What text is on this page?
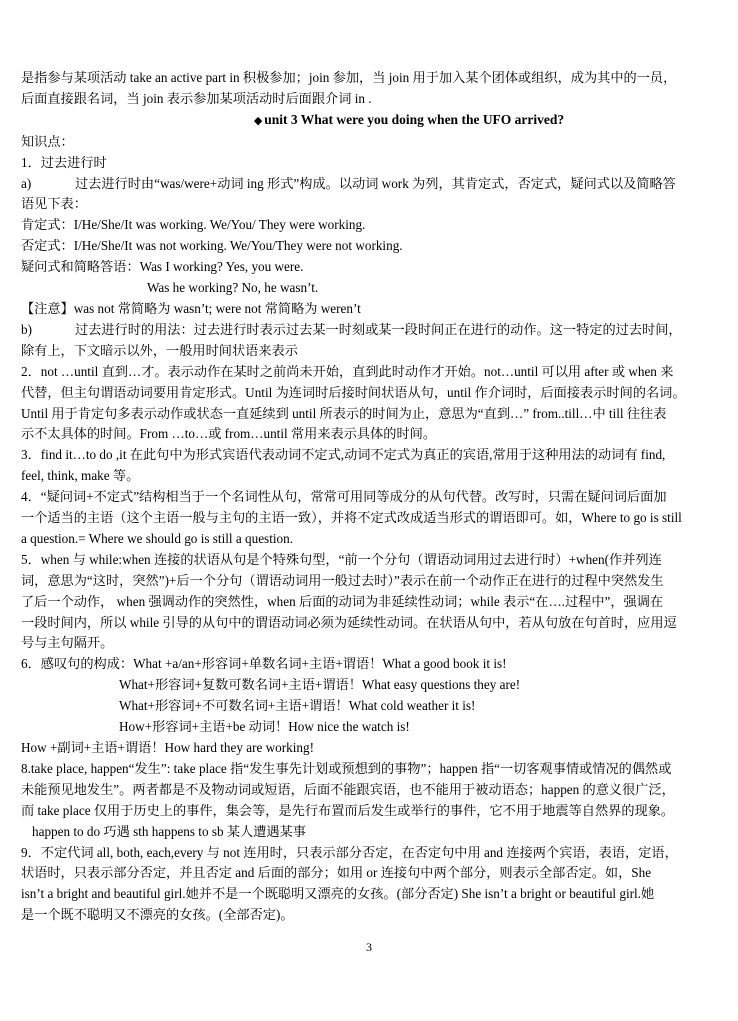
是指参与某项活动 take an active part in 积极参加；join 参加，当 join 用于加入某个团体或组织，成为其中的一员，

后面直接跟名词，当 join 表示参加某项活动时后面跟介词 in .

◆ unit 3 What were you doing when the UFO arrived?

知识点：

1．过去进行时

a)	过去进行时由“was/were+动词 ing 形式”构成。以动词 work 为列，其肯定式，否定式，疑问式以及简略答

语见下表：

肯定式：I/He/She/It was working. We/You/ They were working.

否定式：I/He/She/It was not working. We/You/They were not working.

疑问式和简略答语：Was I working? Yes, you were.

Was he working? No, he wasn’t.

【注意】was not 常简略为 wasn’t; were not 常简略为 weren’t

b)	过去进行时的用法：过去进行时表示过去某一时刻或某一段时间正在进行的动作。这一特定的过去时间，

除有上，下文暗示以外，一般用时间状语来表示

2．not …until 直到…才。表示动作在某时之前尚未开始，直到此时动作才开始。not…until 可以用 after 或 when 来

代替，但主句谓语动词要用肯定形式。Until 为连词时后接时间状语从句，until 作介词时，后面接表示时间的名词。

Until 用于肯定句多表示动作或状态一直延续到 until 所表示的时间为止，意思为“直到…” from..till…中 till 往往表

示不太具体的时间。From …to…或 from…until 常用来表示具体的时间。

3．find it…to do ,it 在此句中为形式宾语代表动词不定式,动词不定式为真正的宾语,常用于这种用法的动词有 find,

feel, think, make 等。

4．“疑问词+不定式”结构相当于一个名词性从句，常常可用同等成分的从句代替。改写时，只需在疑问词后面加

一个适当的主语（这个主语一般与主句的主语一致），并将不定式改成适当形式的谓语即可。如，Where to go is still

a question.= Where we should go is still a question.

5．when 与 while:when 连接的状语从句是个特殊句型，“前一个分句（谓语动词用过去进行时）+when(作并列连

词，意思为“这时，突然”)+后一个分句（谓语动词用一般过去时）”表示在前一个动作正在进行的过程中突然发生

了后一个动作， when 强调动作的突然性，when 后面的动词为非延续性动词；while 表示“在….过程中”，强调在

一段时间内，所以 while 引导的从句中的谓语动词必须为延续性动词。在状语从句中，若从句放在句首时，应用逗

号与主句隔开。

6．感叹句的构成：What +a/an+形容词+单数名词+主语+谓语！What a good book it is!

What+形容词+复数可数名词+主语+谓语！What easy questions they are!

What+形容词+不可数名词+主语+谓语！What cold weather it is!

How+形容词+主语+be 动词！How nice the watch is!

How +副词+主语+谓语！How hard they are working!

8.take place, happen“发生”: take place 指“发生事先计划或预想到的事物”；happen 指“一切客观事情或情况的偶然或

未能预见地发生”。两者都是不及物动词或短语，后面不能跟宾语，也不能用于被动语态；happen 的意义很广泛，

而 take place 仅用于历史上的事件，集会等，是先行布置而后发生或举行的事件，它不用于地震等自然界的现象。

happen to do 巧遇 sth happens to sb 某人遭遇某事

9．不定代词 all, both, each,every 与 not 连用时，只表示部分否定，在否定句中用 and 连接两个宾语，表语，定语，

状语时，只表示部分否定，并且否定 and 后面的部分；如用 or 连接句中两个部分，则表示全部否定。如，She

isn’t a bright and beautiful girl.她并不是一个既聪明又漂亮的女孩。(部分否定) She isn’t a bright or beautiful girl.她

是一个既不聪明又不漂亮的女孩。(全部否定)。

3
